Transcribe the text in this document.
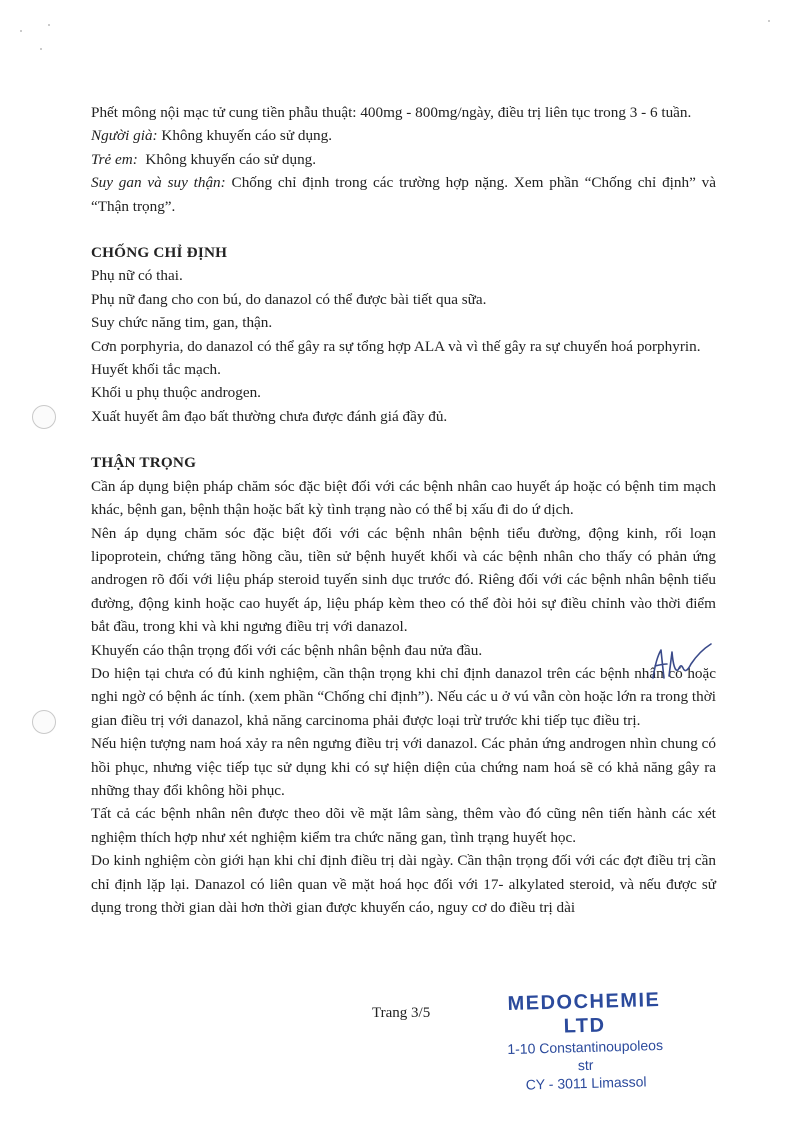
Phết mông nội mạc tử cung tiền phẫu thuật: 400mg - 800mg/ngày, điều trị liên tục trong 3 - 6 tuần.

Người già: Không khuyến cáo sử dụng.

Trẻ em:  Không khuyến cáo sử dụng.

Suy gan và suy thận: Chống chỉ định trong các trường hợp nặng. Xem phần “Chống chỉ định” và “Thận trọng”.

CHỐNG CHỈ ĐỊNH

Phụ nữ có thai.

Phụ nữ đang cho con bú, do danazol có thể được bài tiết qua sữa.

Suy chức năng tim, gan, thận.

Cơn porphyria, do danazol có thể gây ra sự tổng hợp ALA và vì thế gây ra sự chuyển hoá porphyrin.

Huyết khối tắc mạch.

Khối u phụ thuộc androgen.

Xuất huyết âm đạo bất thường chưa được đánh giá đầy đủ.

THẬN TRỌNG

Cần áp dụng biện pháp chăm sóc đặc biệt đối với các bệnh nhân cao huyết áp hoặc có bệnh tim mạch khác, bệnh gan, bệnh thận hoặc bất kỳ tình trạng nào có thể bị xấu đi do ứ dịch.

Nên áp dụng chăm sóc đặc biệt đối với các bệnh nhân bệnh tiểu đường, động kinh, rối loạn lipoprotein, chứng tăng hồng cầu, tiền sử bệnh huyết khối và các bệnh nhân cho thấy có phản ứng androgen rõ đối với liệu pháp steroid tuyến sinh dục trước đó. Riêng đối với các bệnh nhân bệnh tiểu đường, động kinh hoặc cao huyết áp, liệu pháp kèm theo có thể đòi hỏi sự điều chỉnh vào thời điểm bắt đầu, trong khi và khi ngưng điều trị với danazol.

Khuyến cáo thận trọng đối với các bệnh nhân bệnh đau nửa đầu.

Do hiện tại chưa có đủ kinh nghiệm, cần thận trọng khi chỉ định danazol trên các bệnh nhân có hoặc nghi ngờ có bệnh ác tính. (xem phần “Chống chỉ định”). Nếu các u ở vú vẫn còn hoặc lớn ra trong thời gian điều trị với danazol, khả năng carcinoma phải được loại trừ trước khi tiếp tục điều trị.

Nếu hiện tượng nam hoá xảy ra nên ngưng điều trị với danazol. Các phản ứng androgen nhìn chung có hồi phục, nhưng việc tiếp tục sử dụng khi có sự hiện diện của chứng nam hoá sẽ có khả năng gây ra những thay đổi không hồi phục.

Tất cả các bệnh nhân nên được theo dõi về mặt lâm sàng, thêm vào đó cũng nên tiến hành các xét nghiệm thích hợp như xét nghiệm kiểm tra chức năng gan, tình trạng huyết học.

Do kinh nghiệm còn giới hạn khi chỉ định điều trị dài ngày. Cần thận trọng đối với các đợt điều trị cần chỉ định lặp lại. Danazol có liên quan về mặt hoá học đối với 17- alkylated steroid, và nếu được sử dụng trong thời gian dài hơn thời gian được khuyến cáo, nguy cơ do điều trị dài

Trang 3/5	MEDOCHEMIE LTD
1-10 Constantinoupoleos str
CY - 3011 Limassol
